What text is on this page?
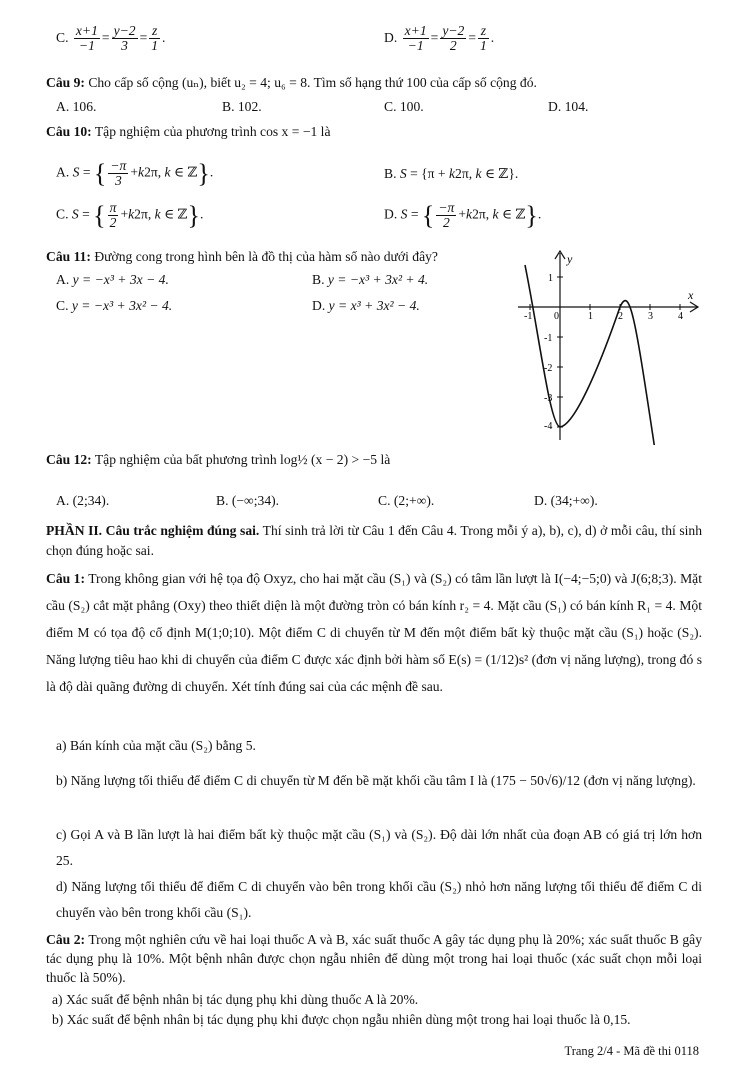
C. $\frac{x+1}{-1} = \frac{y-2}{3} = \frac{z}{1}$ .	D. $\frac{x+1}{-1} = \frac{y-2}{2} = \frac{z}{1}$ .
Câu 9: Cho cấp số cộng (uₙ), biết u₂ = 4; u₆ = 8. Tìm số hạng thứ 100 của cấp số cộng đó.
A. 106.	B. 102.	C. 100.	D. 104.
Câu 10: Tập nghiệm của phương trình cos x = −1 là
A. S = { $\frac{-\pi}{3} +k2\pi$, k ∈ ℤ}.	B. S = {π + k2π, k ∈ ℤ}.
C. S = { $\frac{\pi}{2} +k2\pi$, k ∈ ℤ}.	D. S = { $\frac{-\pi}{2} +k2\pi$, k ∈ ℤ}.
Câu 11: Đường cong trong hình bên là đồ thị của hàm số nào dưới đây?
A. y = −x³ + 3x − 4.	B. y = −x³ + 3x² + 4.
C. y = −x³ + 3x² − 4.	D. y = x³ + 3x² − 4.
y
x
0
-1	1	2	3	4
1
-1
-2
-3
-4
Câu 12: Tập nghiệm của bất phương trình log½ (x − 2) > −5 là
A. (2;34).	B. (−∞;34).	C. (2;+∞).	D. (34;+∞).
PHẦN II. Câu trắc nghiệm đúng sai. Thí sinh trả lời từ Câu 1 đến Câu 4. Trong mỗi ý a), b), c), d) ở mỗi câu, thí sinh chọn đúng hoặc sai.
Câu 1: Trong không gian với hệ tọa độ Oxyz, cho hai mặt cầu (S₁) và (S₂) có tâm lần lượt là I(−4;−5;0) và J(6;8;3). Mặt cầu (S₂) cắt mặt phẳng (Oxy) theo thiết diện là một đường tròn có bán kính r₂ = 4. Mặt cầu (S₁) có bán kính R₁ = 4. Một điểm M có tọa độ cố định M(1;0;10). Một điểm C di chuyển từ M đến một điểm bất kỳ thuộc mặt cầu (S₁) hoặc (S₂). Năng lượng tiêu hao khi di chuyển của điểm C được xác định bởi hàm số E(s) = (1/12)s² (đơn vị năng lượng), trong đó s là độ dài quãng đường di chuyển. Xét tính đúng sai của các mệnh đề sau.
a) Bán kính của mặt cầu (S₂) bằng 5.
b) Năng lượng tối thiểu để điểm C di chuyển từ M đến bề mặt khối cầu tâm I là (175 − 50√6)/12 (đơn vị năng lượng).
c) Gọi A và B lần lượt là hai điểm bất kỳ thuộc mặt cầu (S₁) và (S₂). Độ dài lớn nhất của đoạn AB có giá trị lớn hơn 25.
d) Năng lượng tối thiểu để điểm C di chuyển vào bên trong khối cầu (S₂) nhỏ hơn năng lượng tối thiểu để điểm C di chuyển vào bên trong khối cầu (S₁).
Câu 2: Trong một nghiên cứu về hai loại thuốc A và B, xác suất thuốc A gây tác dụng phụ là 20%; xác suất thuốc B gây tác dụng phụ là 10%. Một bệnh nhân được chọn ngẫu nhiên để dùng một trong hai loại thuốc (xác suất chọn mỗi loại thuốc là 50%).
a) Xác suất để bệnh nhân bị tác dụng phụ khi dùng thuốc A là 20%.
b) Xác suất để bệnh nhân bị tác dụng phụ khi được chọn ngẫu nhiên dùng một trong hai loại thuốc là 0,15.
Trang 2/4 - Mã đề thi 0118
